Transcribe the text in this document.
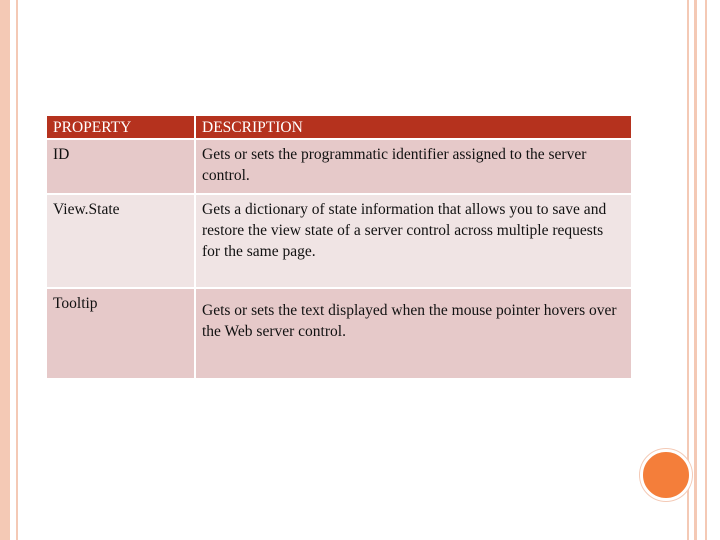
PROPERTY	DESCRIPTION
ID	Gets or sets the programmatic identifier assigned to the server control.
View.State	Gets a dictionary of state information that allows you to save and restore the view state of a server control across multiple requests for the same page.
Tooltip	Gets or sets the text displayed when the mouse pointer hovers over the Web server control.
